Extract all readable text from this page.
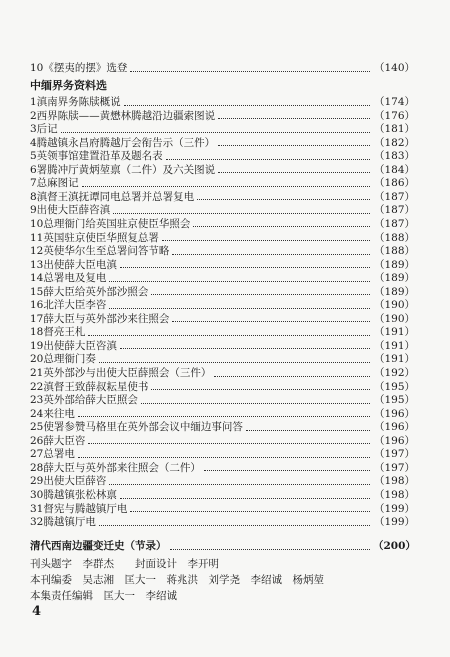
10《摆夷的摆》选登	（140）
中缅界务资料选
1滇南界务陈牍概说	（174）
2西界陈牍——黄懋林腾越沿边疆索图说	（176）
3后记	（181）
4腾越镇永昌府腾越厅会衔告示（三件）	（182）
5英领事馆建置沿革及题名表	（183）
6署腾冲厅黄炳堃禀（二件）及六关图说	（184）
7总麻图记	（186）
8滇督王滇抚谭同电总署并总署复电	（187）
9出使大臣薛咨滇	（187）
10总理衙门给英国驻京使臣华照会	（187）
11英国驻京使臣华照复总署	（188）
12英使华尔生至总署问答节略	（188）
13出使薛大臣电滇	（189）
14总署电及复电	（189）
15薛大臣给英外部沙照会	（189）
16北洋大臣李咨	（190）
17薛大臣与英外部沙来往照会	（190）
18督亮王札	（191）
19出使薛大臣咨滇	（191）
20总理衙门奏	（191）
21英外部沙与出使大臣薛照会（三件）	（192）
22滇督王致薛叔耘星使书	（195）
23英外部给薛大臣照会	（195）
24来往电	（196）
25使署参赞马格里在英外部会议中缅边事问答	（196）
26薛大臣咨	（196）
27总署电	（197）
28薛大臣与英外部来往照会（二件）	（197）
29出使大臣薛咨	（198）
30腾越镇张松林禀	（198）
31督宪与腾越镇厅电	（199）
32腾越镇厅电	（199）
清代西南边疆变迁史（节录）	（200）
刊头题字　李群杰　　封面设计　李开明
本刊编委　吴志湘　匡大一　蒋兆洪　刘学尧　李绍诚　杨炳堃
本集责任编辑　匡大一　李绍诚
4
